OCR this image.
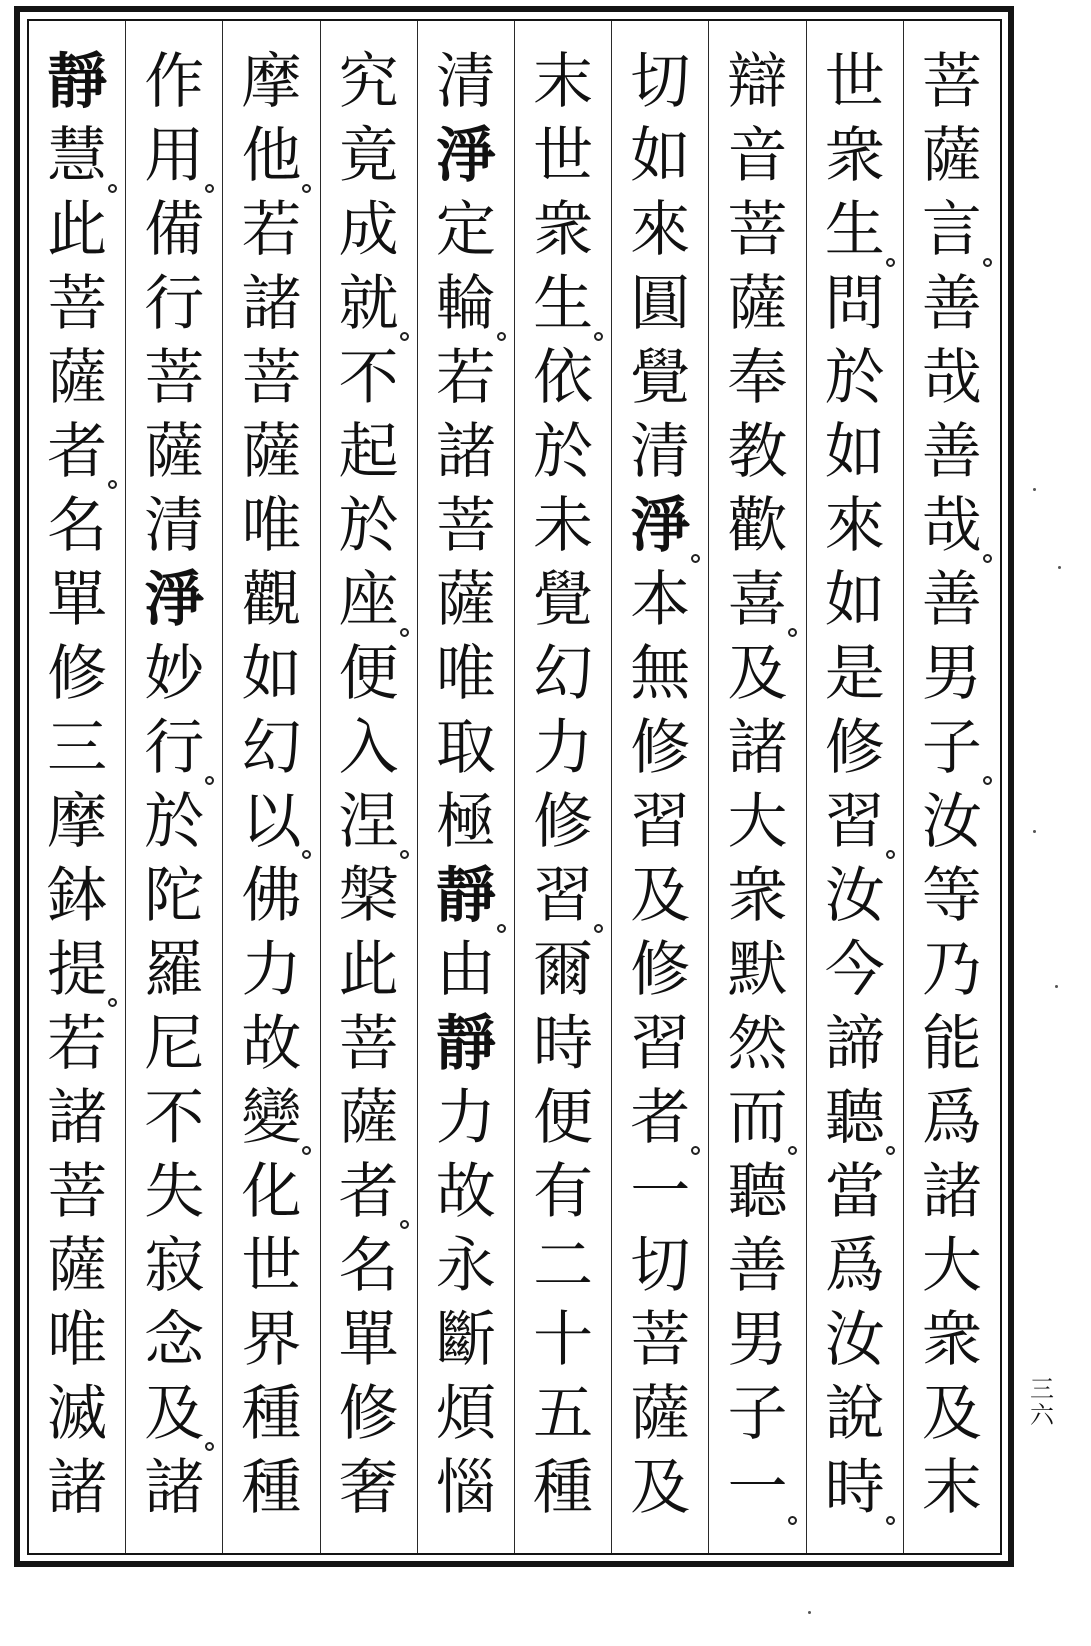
菩
薩
言
善
哉
善
哉
善
男
子
汝
等
乃
能
爲
諸
大
衆
及
末
世
衆
生
問
於
如
來
如
是
修
習
汝
今
諦
聽
當
爲
汝
說
時
辯
音
菩
薩
奉
教
歡
喜
及
諸
大
衆
默
然
而
聽
善
男
子
一
切
如
來
圓
覺
清
淨
本
無
修
習
及
修
習
者
一
切
菩
薩
及
末
世
衆
生
依
於
未
覺
幻
力
修
習
爾
時
便
有
二
十
五
種
清
淨
定
輪
若
諸
菩
薩
唯
取
極
靜
由
靜
力
故
永
斷
煩
惱
究
竟
成
就
不
起
於
座
便
入
涅
槃
此
菩
薩
者
名
單
修
奢
摩
他
若
諸
菩
薩
唯
觀
如
幻
以
佛
力
故
變
化
世
界
種
種
作
用
備
行
菩
薩
清
淨
妙
行
於
陀
羅
尼
不
失
寂
念
及
諸
靜
慧
此
菩
薩
者
名
單
修
三
摩
鉢
提
若
諸
菩
薩
唯
滅
諸
三
六
